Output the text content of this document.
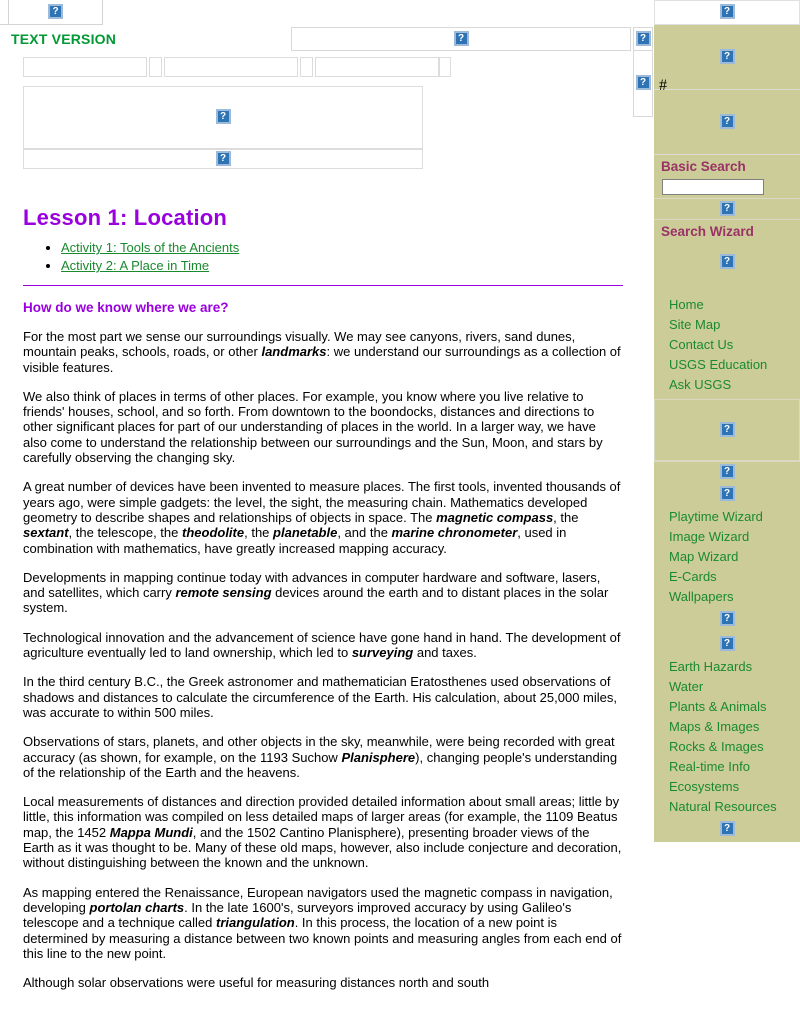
?
TEXT VERSION
?
?
?
?
?
Lesson 1: Location
• Activity 1: Tools of the Ancients
• Activity 2: A Place in Time
How do we know where we are?

For the most part we sense our surroundings visually. We may see canyons, rivers, sand dunes, mountain peaks, schools, roads, or other landmarks: we understand our surroundings as a collection of visible features.

We also think of places in terms of other places. For example, you know where you live relative to friends' houses, school, and so forth. From downtown to the boondocks, distances and directions to other significant places for part of our understanding of places in the world. In a larger way, we have also come to understand the relationship between our surroundings and the Sun, Moon, and stars by carefully observing the changing sky.

A great number of devices have been invented to measure places. The first tools, invented thousands of years ago, were simple gadgets: the level, the sight, the measuring chain. Mathematics developed geometry to describe shapes and relationships of objects in space. The magnetic compass, the sextant, the telescope, the theodolite, the planetable, and the marine chronometer, used in combination with mathematics, have greatly increased mapping accuracy.

Developments in mapping continue today with advances in computer hardware and software, lasers, and satellites, which carry remote sensing devices around the earth and to distant places in the solar system.

Technological innovation and the advancement of science have gone hand in hand. The development of agriculture eventually led to land ownership, which led to surveying and taxes.

In the third century B.C., the Greek astronomer and mathematician Eratosthenes used observations of shadows and distances to calculate the circumference of the Earth. His calculation, about 25,000 miles, was accurate to within 500 miles.

Observations of stars, planets, and other objects in the sky, meanwhile, were being recorded with great accuracy (as shown, for example, on the 1193 Suchow Planisphere), changing people's understanding of the relationship of the Earth and the heavens.

Local measurements of distances and direction provided detailed information about small areas; little by little, this information was compiled on less detailed maps of larger areas (for example, the 1109 Beatus map, the 1452 Mappa Mundi, and the 1502 Cantino Planisphere), presenting broader views of the Earth as it was thought to be. Many of these old maps, however, also include conjecture and decoration, without distinguishing between the known and the unknown.

As mapping entered the Renaissance, European navigators used the magnetic compass in navigation, developing portolan charts. In the late 1600's, surveyors improved accuracy by using Galileo's telescope and a technique called triangulation. In this process, the location of a new point is determined by measuring a distance between two known points and measuring angles from each end of this line to the new point.

Although solar observations were useful for measuring distances north and south

?
#
?
?
Basic Search
?
Search Wizard
?
Home
Site Map
Contact Us
USGS Education
Ask USGS
?
?
?
Playtime Wizard
Image Wizard
Map Wizard
E-Cards
Wallpapers
?
?
Earth Hazards
Water
Plants & Animals
Maps & Images
Rocks & Images
Real-time Info
Ecosystems
Natural Resources
?
